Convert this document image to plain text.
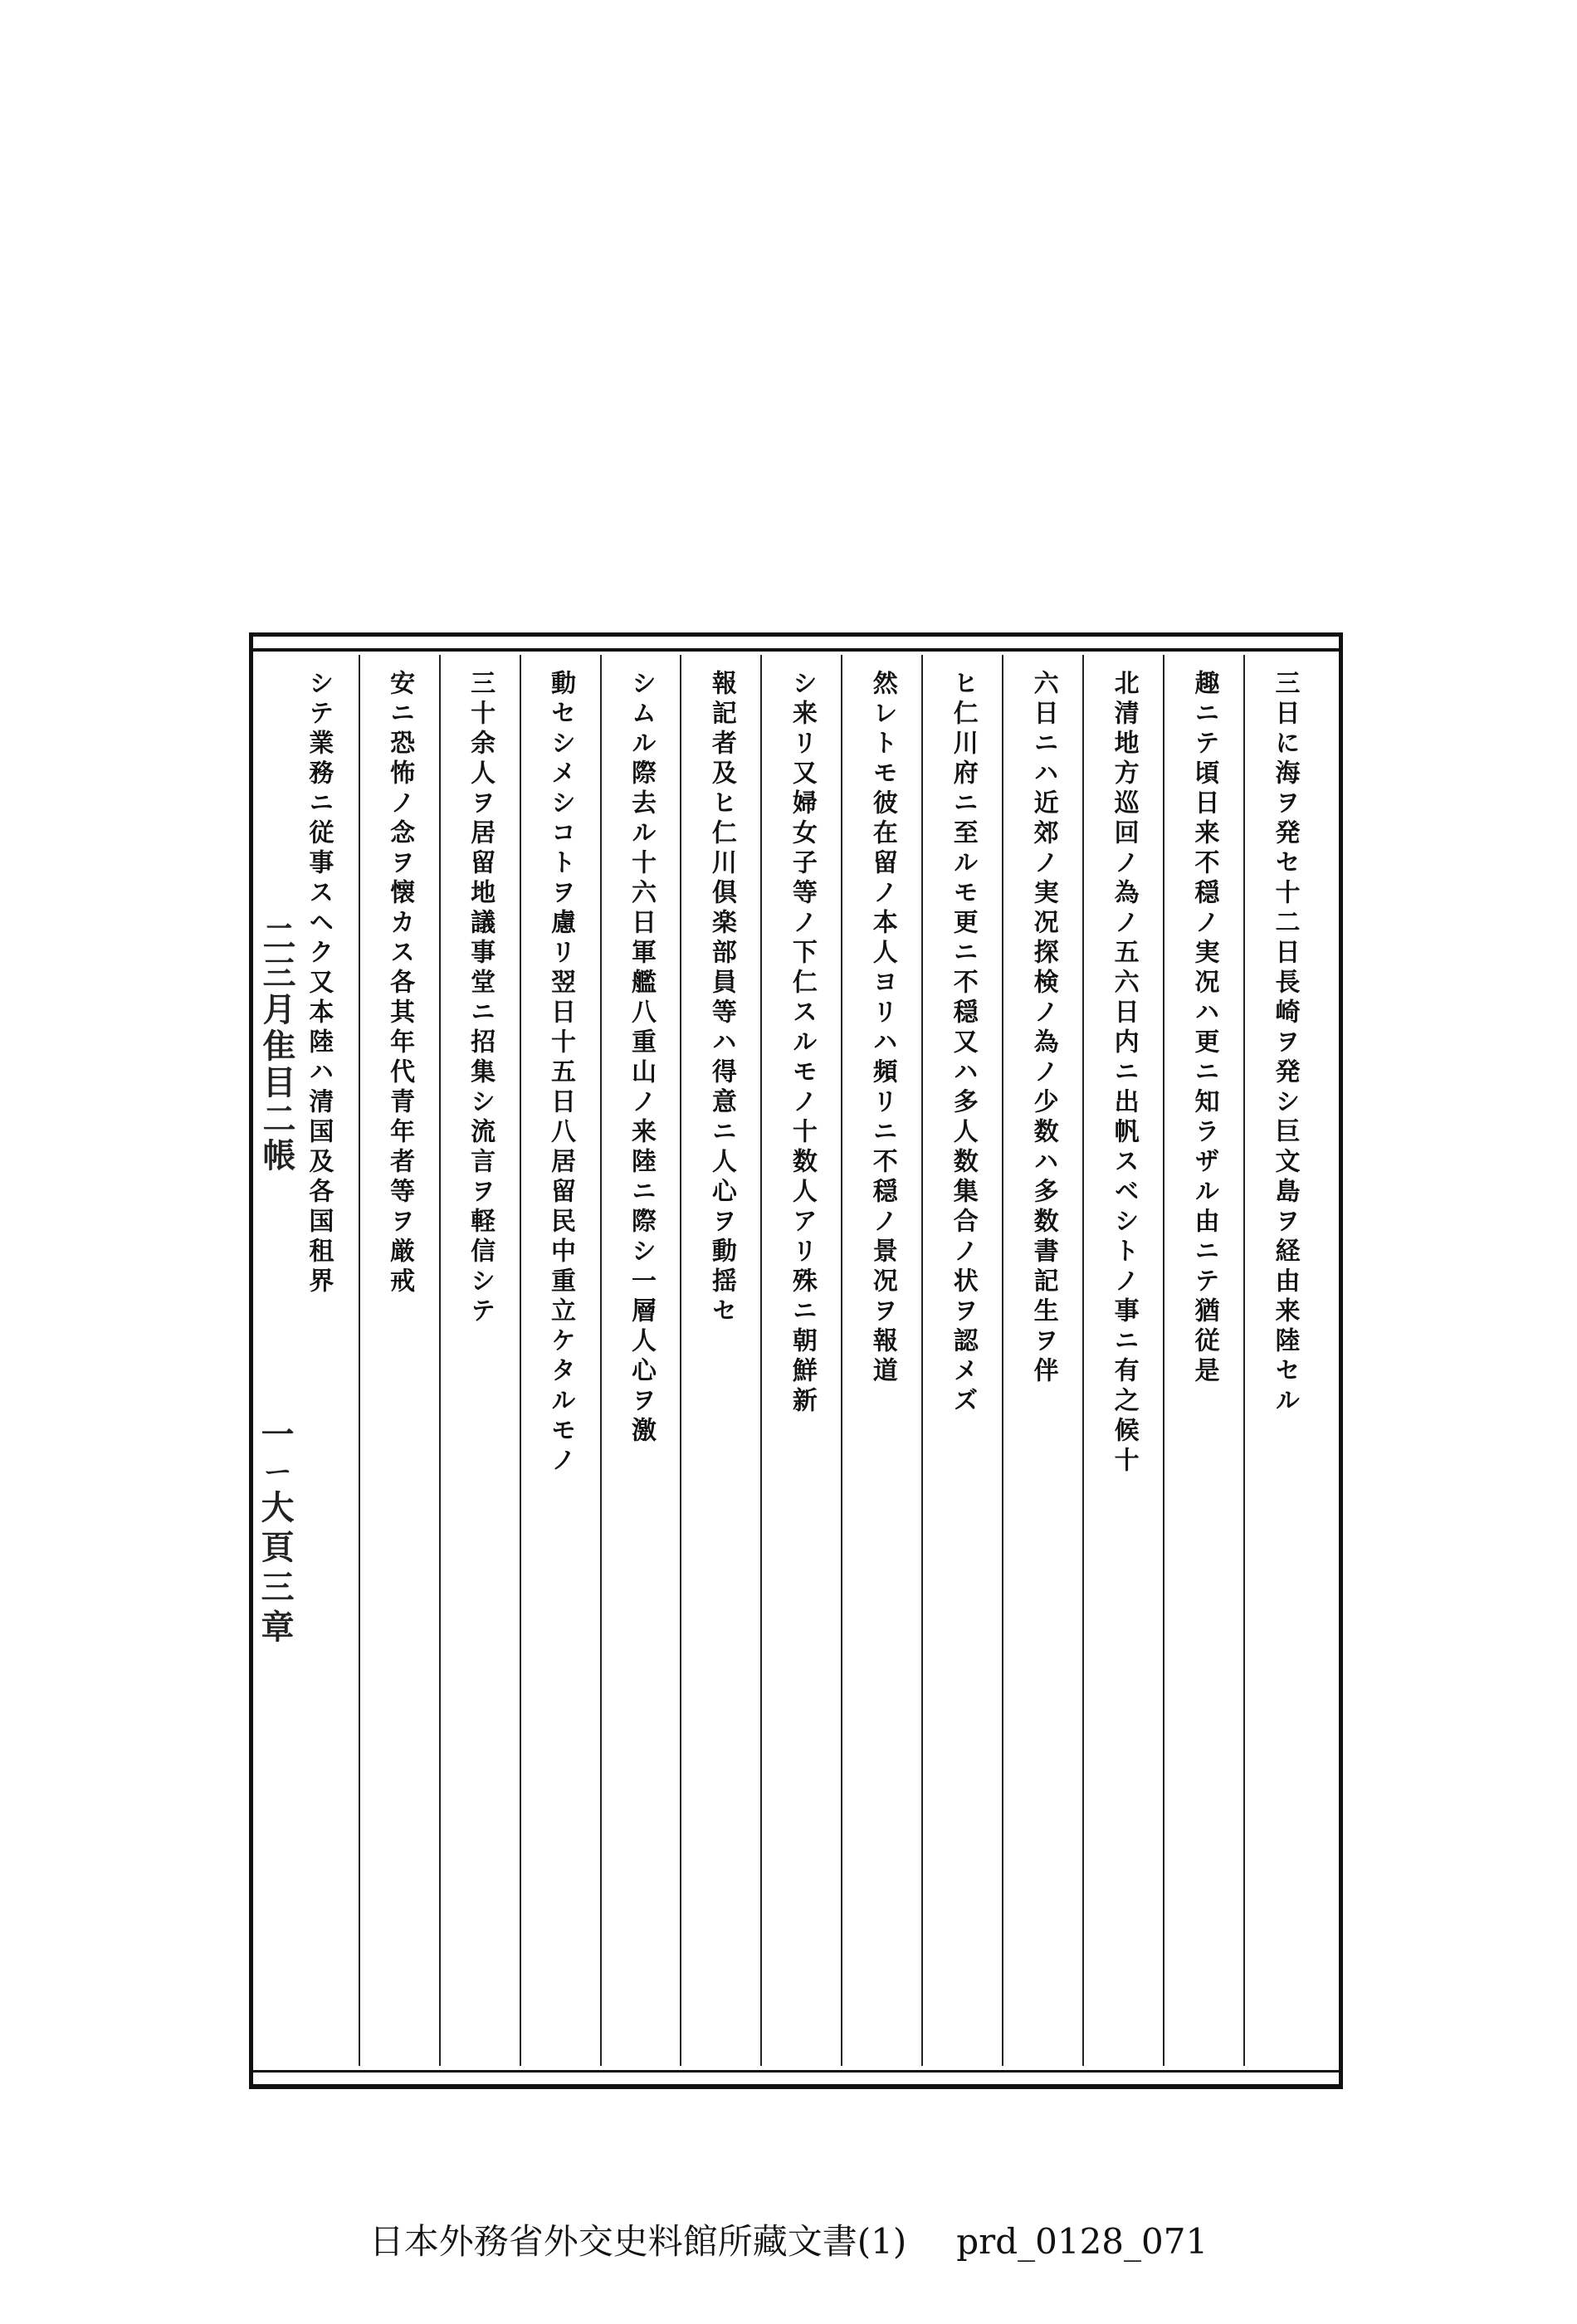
二三月隹目二帳
一ㄧ大頁三章
三日に海ヲ発セ十二日長崎ヲ発シ巨文島ヲ経由来陸セル
趣ニテ頃日来不穏ノ実况ハ更ニ知ラザル由ニテ猶従是
北清地方巡回ノ為ノ五六日内ニ出帆スベシトノ事ニ有之候十
六日ニハ近郊ノ実况探検ノ為ノ少数ハ多数書記生ヲ伴
ヒ仁川府ニ至ルモ更ニ不穏又ハ多人数集合ノ状ヲ認メズ
然レトモ彼在留ノ本人ヨリハ頻リニ不穏ノ景况ヲ報道
シ来リ又婦女子等ノ下仁スルモノ十数人アリ殊ニ朝鮮新
報記者及ヒ仁川倶楽部員等ハ得意ニ人心ヲ動揺セ
シムル際去ル十六日軍艦八重山ノ来陸ニ際シ一層人心ヲ激
動セシメシコトヲ慮リ翌日十五日八居留民中重立ケタルモノ
三十余人ヲ居留地議事堂ニ招集シ流言ヲ軽信シテ
安ニ恐怖ノ念ヲ懐カス各其年代青年者等ヲ厳戒
シテ業務ニ従事スヘク又本陸ハ清国及各国租界
日本外務省外交史料館所藏文書(1) prd_0128_071
